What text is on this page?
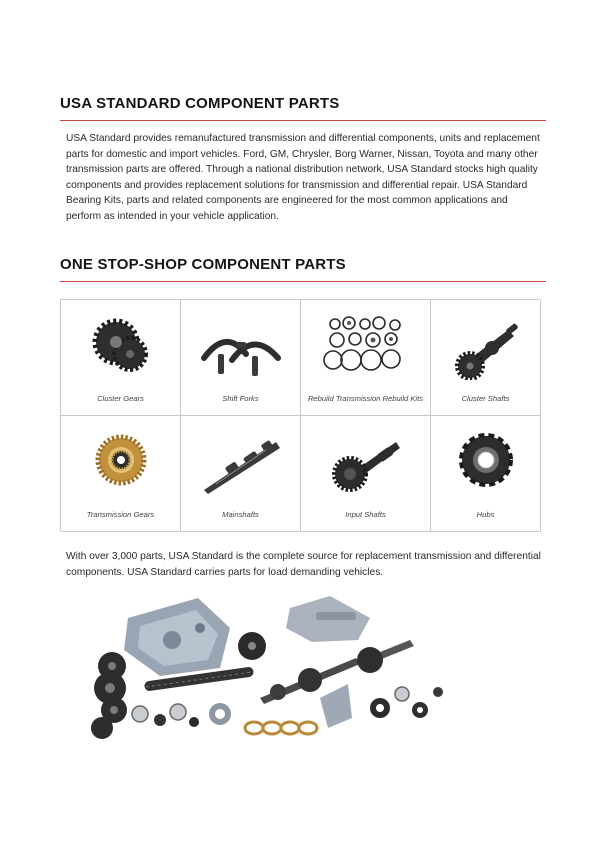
USA STANDARD COMPONENT PARTS

USA Standard provides remanufactured transmission and differential components, units and replacement parts for domestic and import vehicles. Ford, GM, Chrysler, Borg Warner, Nissan, Toyota and many other transmission parts are offered. Through a national distribution network, USA Standard stocks high quality components and provides replacement solutions for transmission and differential repair. USA Standard Bearing Kits, parts and related components are engineered for the most common applications and perform as intended in your vehicle application.

ONE STOP-SHOP COMPONENT PARTS
Cluster Gears	Shift Forks	Rebuild Transmission Rebuild Kits	Cluster Shafts
Transmission Gears	Mainshafts	Input Shafts	Hubs

With over 3,000 parts, USA Standard is the complete source for replacement transmission and differential components. USA Standard carries parts for load demanding vehicles.
